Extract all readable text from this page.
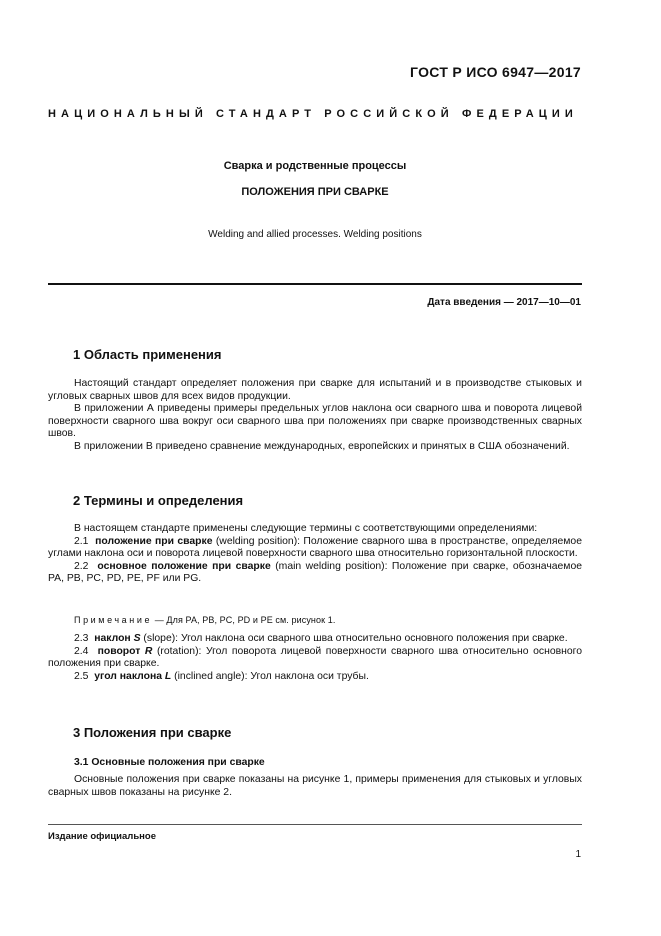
ГОСТ Р ИСО 6947—2017
НАЦИОНАЛЬНЫЙ СТАНДАРТ РОССИЙСКОЙ ФЕДЕРАЦИИ
Сварка и родственные процессы
ПОЛОЖЕНИЯ ПРИ СВАРКЕ
Welding and allied processes. Welding positions
Дата введения — 2017—10—01
1 Область применения

Настоящий стандарт определяет положения при сварке для испытаний и в производстве стыковых и угловых сварных швов для всех видов продукции.

В приложении А приведены примеры предельных углов наклона оси сварного шва и поворота лицевой поверхности сварного шва вокруг оси сварного шва при положениях при сварке производственных сварных швов.

В приложении В приведено сравнение международных, европейских и принятых в США обозначений.

2 Термины и определения

В настоящем стандарте применены следующие термины с соответствующими определениями:

2.1 положение при сварке (welding position): Положение сварного шва в пространстве, определяемое углами наклона оси и поворота лицевой поверхности сварного шва относительно горизонтальной плоскости.

2.2 основное положение при сварке (main welding position): Положение при сварке, обозначаемое PA, PB, PC, PD, PE, PF или PG.

Примечание — Для PA, PB, PC, PD и PE см. рисунок 1.

2.3 наклон S (slope): Угол наклона оси сварного шва относительно основного положения при сварке.

2.4 поворот R (rotation): Угол поворота лицевой поверхности сварного шва относительно основного положения при сварке.

2.5 угол наклона L (inclined angle): Угол наклона оси трубы.

3 Положения при сварке
3.1 Основные положения при сварке

Основные положения при сварке показаны на рисунке 1, примеры применения для стыковых и угловых сварных швов показаны на рисунке 2.

Издание официальное
1
